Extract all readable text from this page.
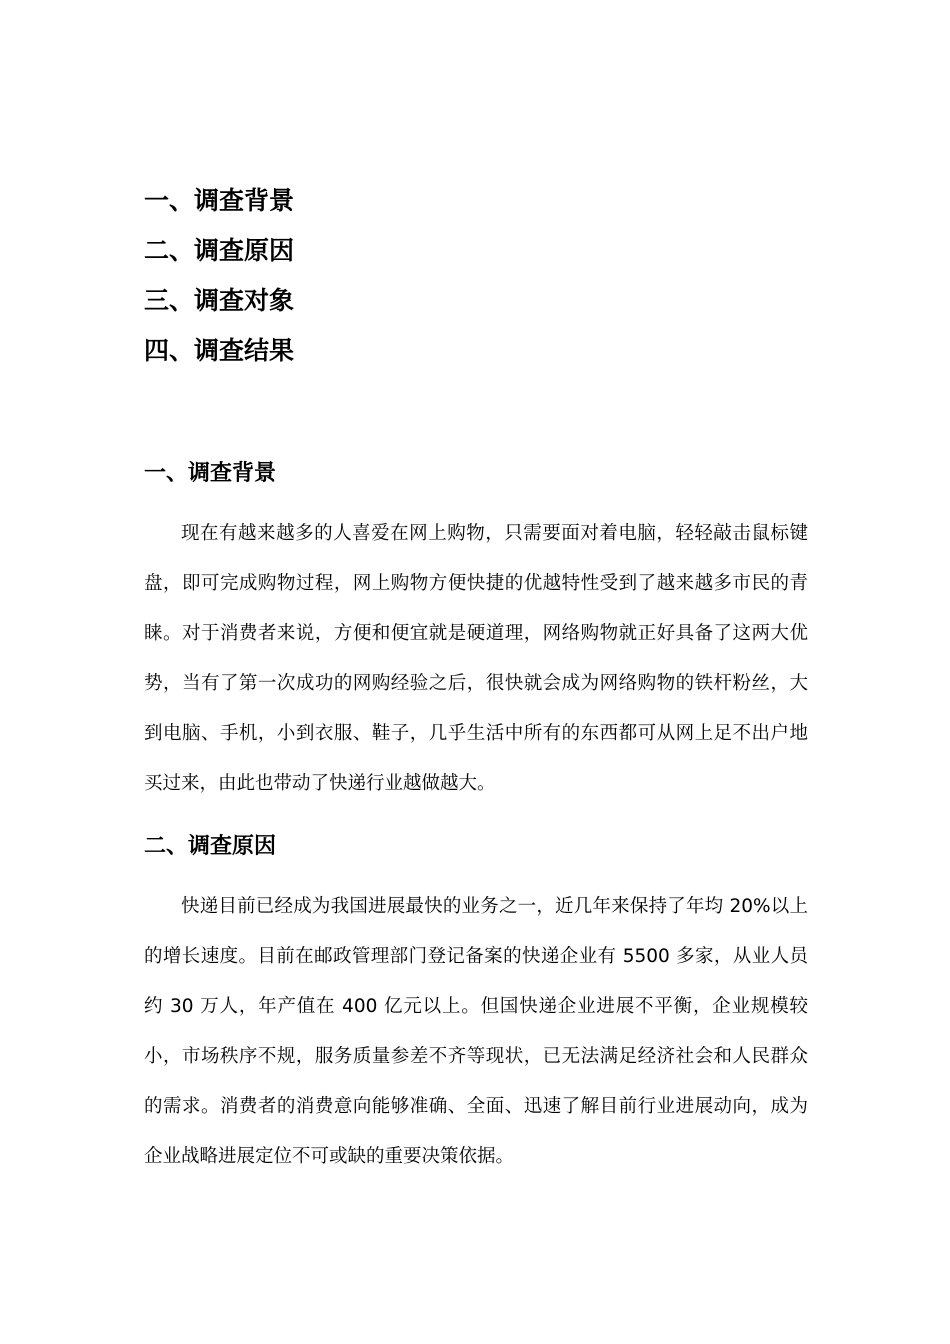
一、调查背景
二、调查原因
三、调查对象
四、调查结果
一、调查背景

现在有越来越多的人喜爱在网上购物，只需要面对着电脑，轻轻敲击鼠标键盘，即可完成购物过程，网上购物方便快捷的优越特性受到了越来越多市民的青睐。对于消费者来说，方便和便宜就是硬道理，网络购物就正好具备了这两大优势，当有了第一次成功的网购经验之后，很快就会成为网络购物的铁杆粉丝，大到电脑、手机，小到衣服、鞋子，几乎生活中所有的东西都可从网上足不出户地买过来，由此也带动了快递行业越做越大。

二、调查原因

快递目前已经成为我国进展最快的业务之一，近几年来保持了年均 20%以上的增长速度。目前在邮政管理部门登记备案的快递企业有 5500 多家，从业人员约 30 万人，年产值在 400 亿元以上。但国快递企业进展不平衡，企业规模较小，市场秩序不规，服务质量参差不齐等现状，已无法满足经济社会和人民群众的需求。消费者的消费意向能够准确、全面、迅速了解目前行业进展动向，成为企业战略进展定位不可或缺的重要决策依据。
